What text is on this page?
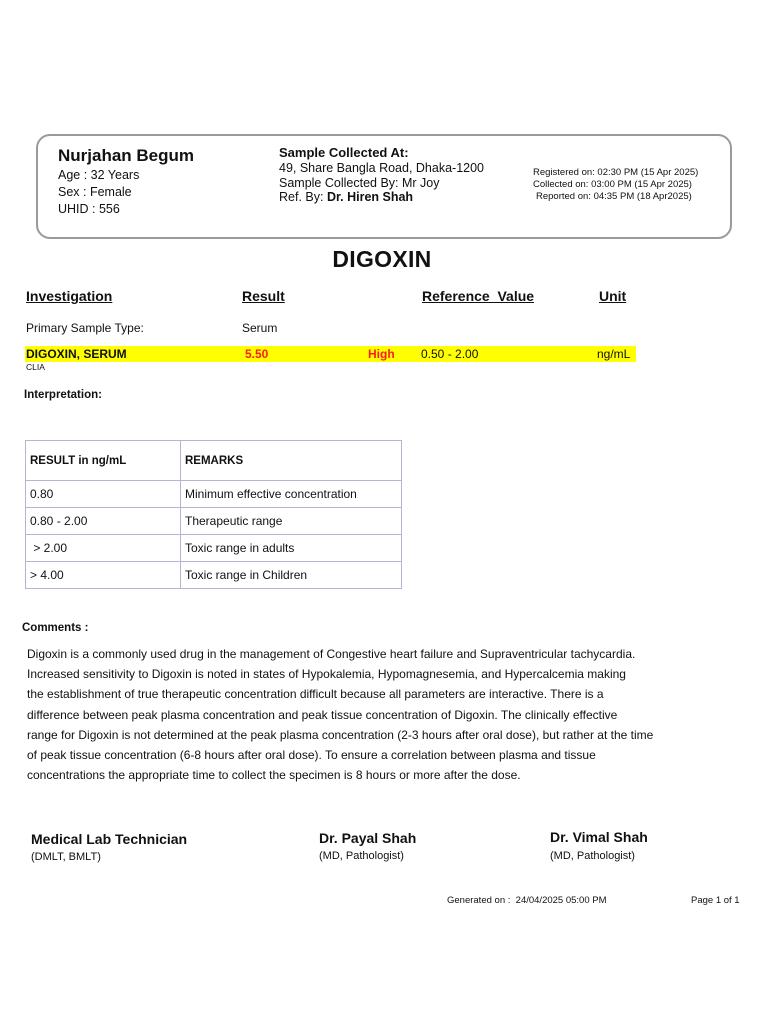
Nurjahan Begum
Age : 32 Years
Sex : Female
UHID : 556
Sample Collected At:
49, Share Bangla Road, Dhaka-1200
Sample Collected By: Mr Joy
Ref. By: Dr. Hiren Shah
Registered on: 02:30 PM (15 Apr 2025)
Collected on: 03:00 PM (15 Apr 2025)
Reported on: 04:35 PM (18 Apr2025)
DIGOXIN
Investigation	Result	Reference  Value	Unit
Primary Sample Type:	Serum
DIGOXIN, SERUM	5.50	High 0.50 - 2.00	ng/mL
CLIA
Interpretation:
RESULT in ng/mL	REMARKS
0.80	Minimum effective concentration
0.80 - 2.00	Therapeutic range
> 2.00	Toxic range in adults
> 4.00	Toxic range in Children
Comments :

Digoxin is a commonly used drug in the management of Congestive heart failure and Supraventricular tachycardia.

Increased sensitivity to Digoxin is noted in states of Hypokalemia, Hypomagnesemia, and Hypercalcemia making

the establishment of true therapeutic concentration difficult because all parameters are interactive. There is a

difference between peak plasma concentration and peak tissue concentration of Digoxin. The clinically effective

range for Digoxin is not determined at the peak plasma concentration (2-3 hours after oral dose), but rather at the time

of peak tissue concentration (6-8 hours after oral dose). To ensure a correlation between plasma and tissue

concentrations the appropriate time to collect the specimen is 8 hours or more after the dose.

Medical Lab Technician
(DMLT, BMLT)
Dr. Payal Shah
(MD, Pathologist)
Dr. Vimal Shah
(MD, Pathologist)
Generated on :  24/04/2025 05:00 PM	Page 1 of 1
